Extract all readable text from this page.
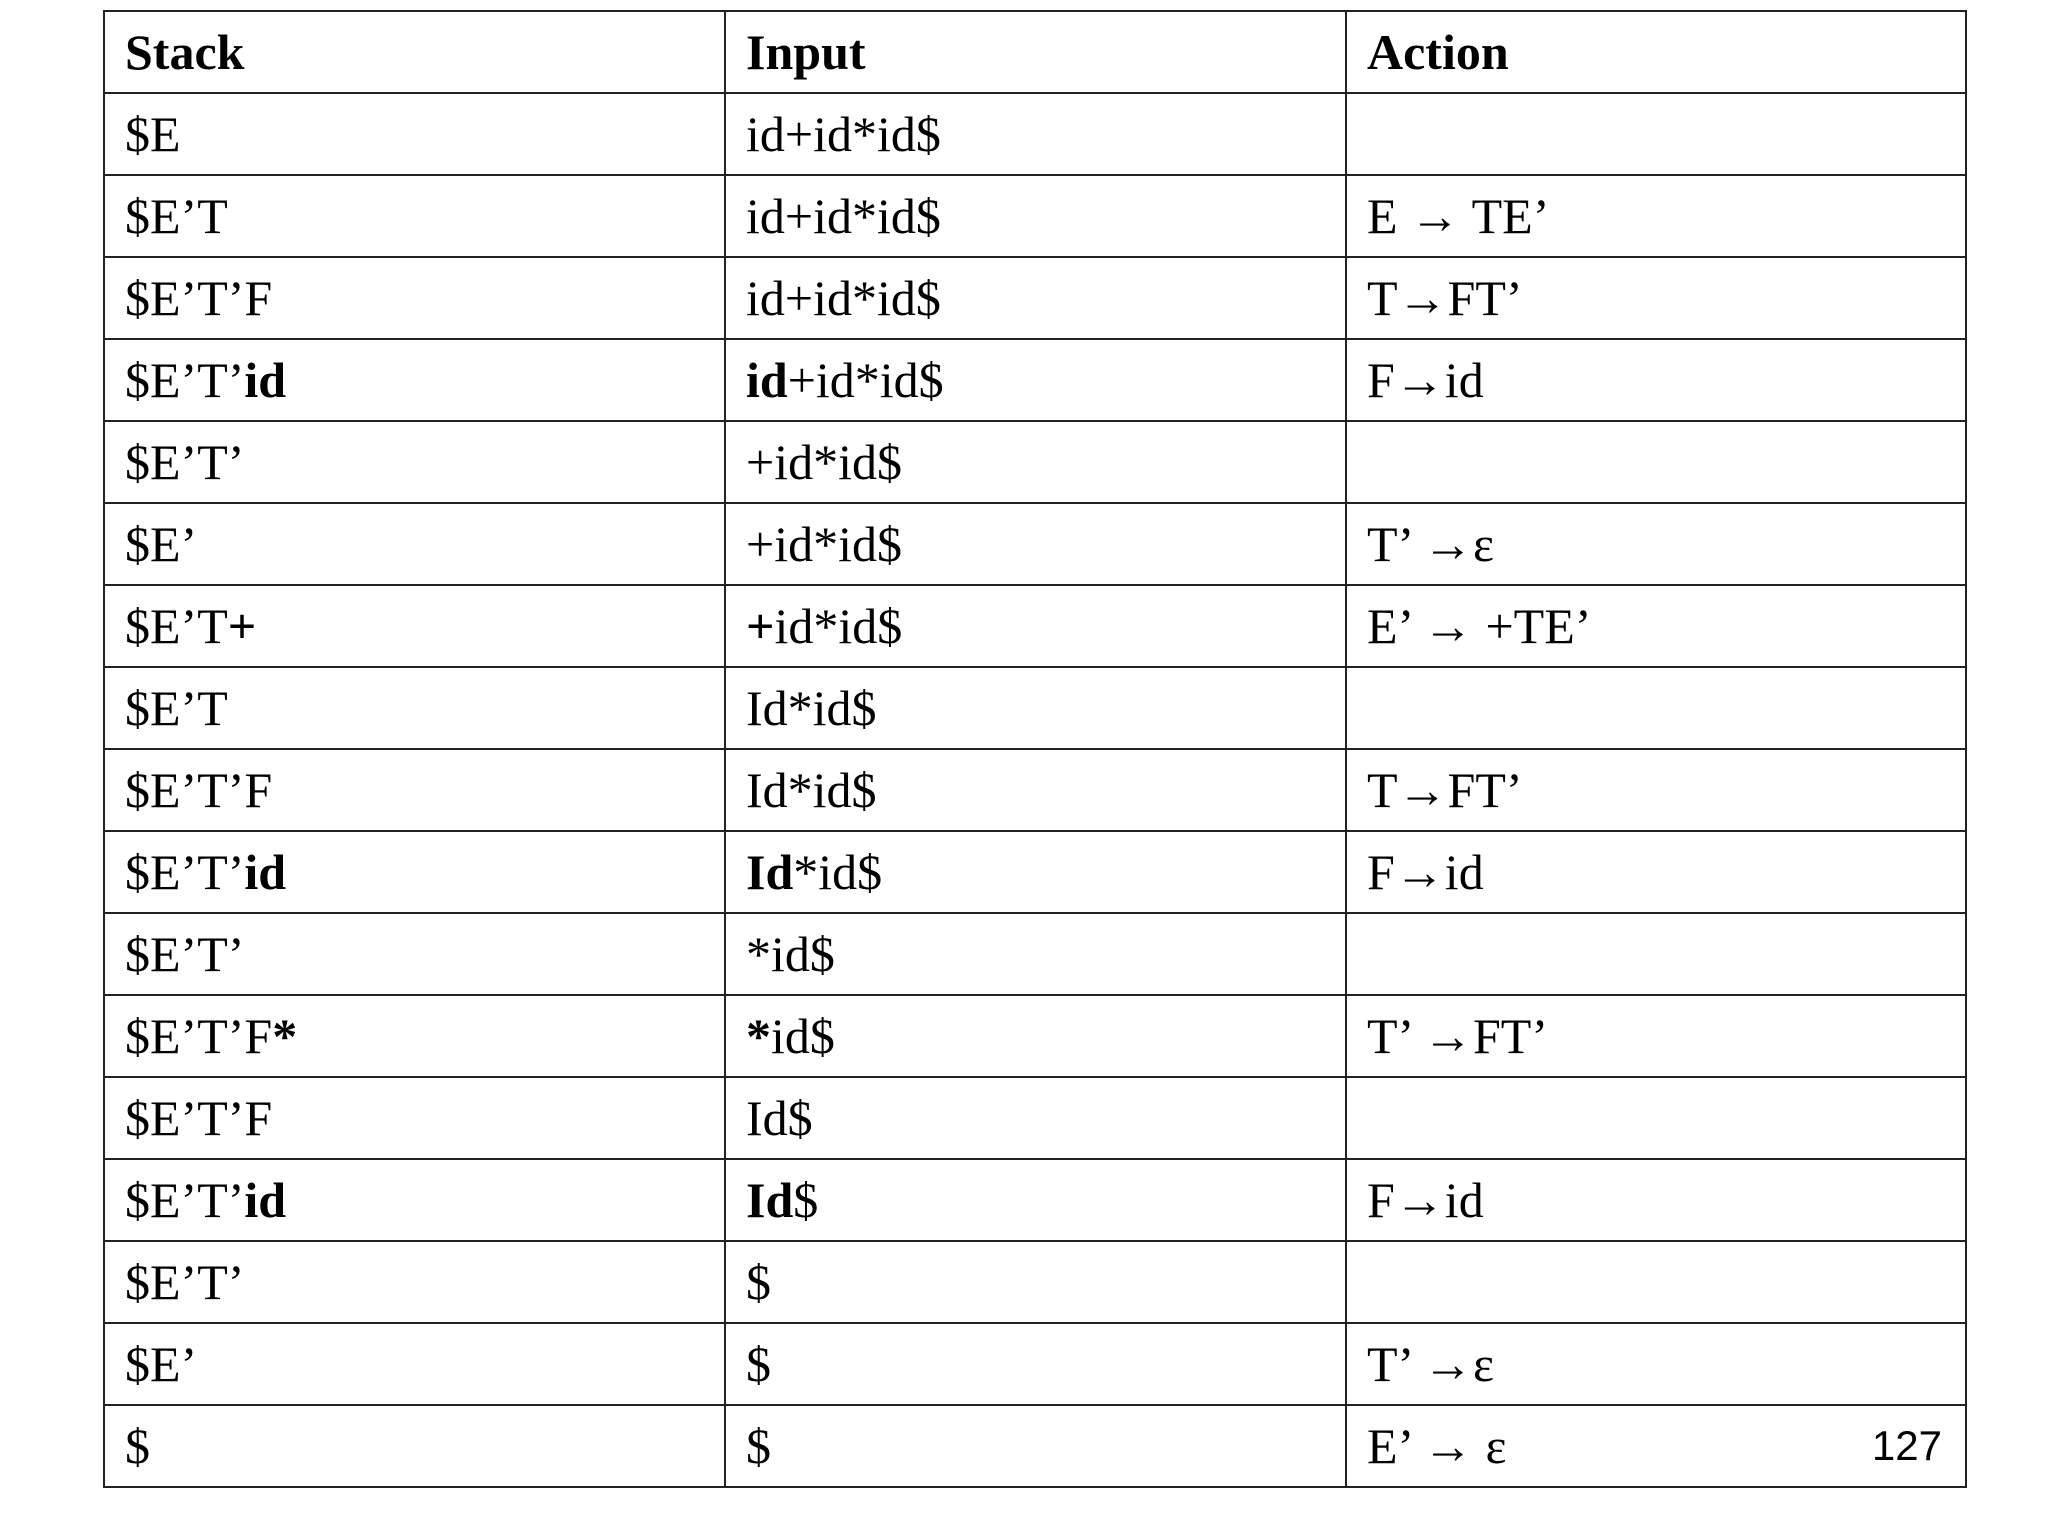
Stack	Input	Action
$E	id+id*id$	
$E’T	id+id*id$	E → TE’
$E’T’F	id+id*id$	T→FT’
$E’T’id	id+id*id$	F→id
$E’T’	+id*id$	
$E’	+id*id$	T’ →ε
$E’T+	+id*id$	E’ → +TE’
$E’T	Id*id$	
$E’T’F	Id*id$	T→FT’
$E’T’id	Id*id$	F→id
$E’T’	*id$	
$E’T’F*	*id$	T’ →FT’
$E’T’F	Id$	
$E’T’id	Id$	F→id
$E’T’	$	
$E’	$	T’ →ε
$	$	E’ → ε	127
